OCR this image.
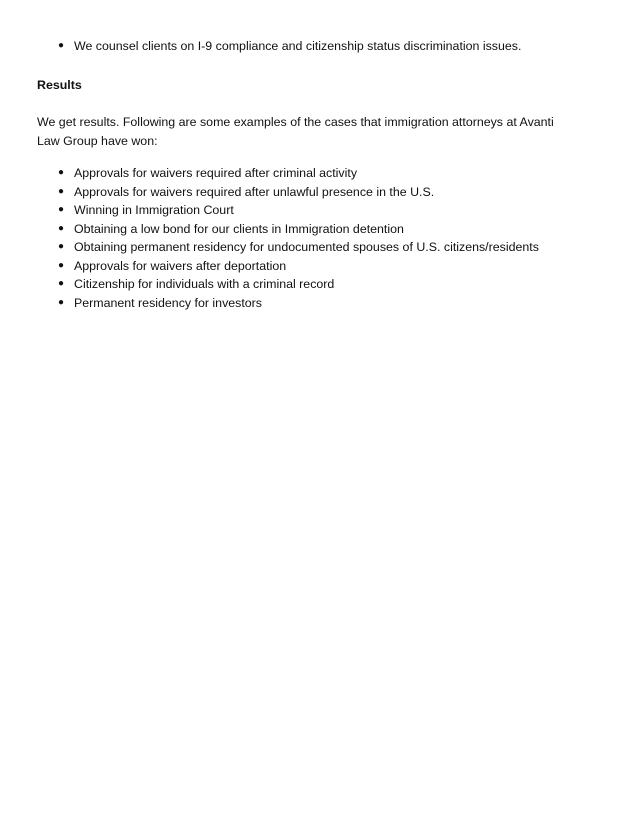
● We counsel clients on I-9 compliance and citizenship status discrimination issues.
Results

We get results. Following are some examples of the cases that immigration attorneys at Avanti
Law Group have won:

● Approvals for waivers required after criminal activity
● Approvals for waivers required after unlawful presence in the U.S.
● Winning in Immigration Court
● Obtaining a low bond for our clients in Immigration detention
● Obtaining permanent residency for undocumented spouses of U.S. citizens/residents
● Approvals for waivers after deportation
● Citizenship for individuals with a criminal record
● Permanent residency for investors
